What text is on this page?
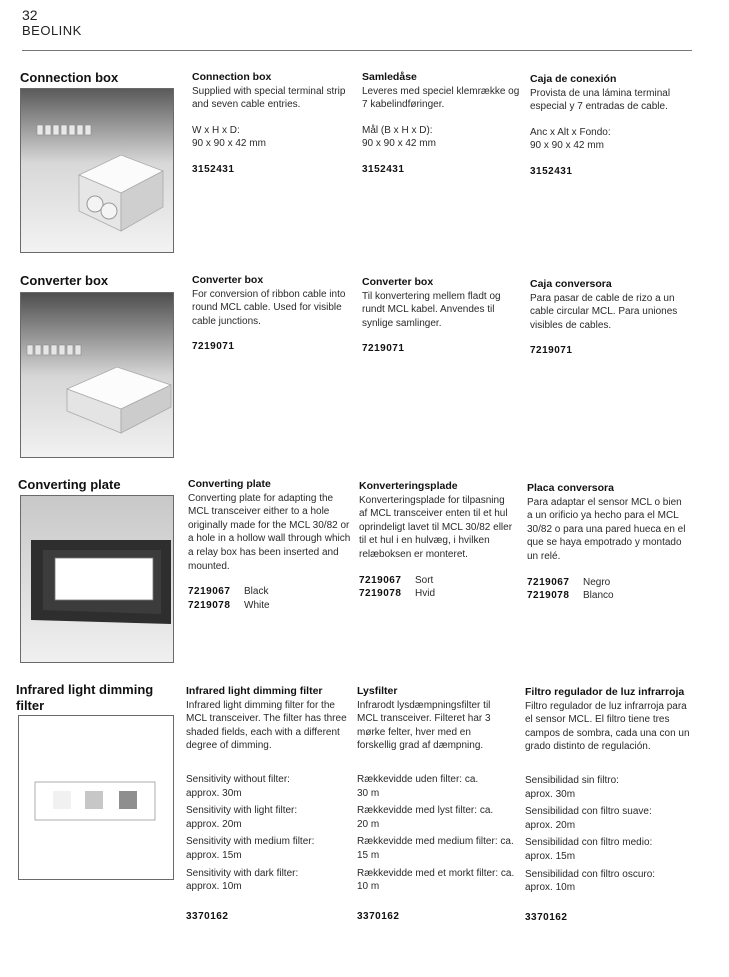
32
BEOLINK
Connection box	Connection box
Supplied with special terminal strip and seven cable entries.
W x H x D:
90 x 90 x 42 mm
3152431
Samledåse
Leveres med speciel klemrække og 7 kabelindføringer.
Mål (B x H x D):
90 x 90 x 42 mm
3152431
Caja de conexión
Provista de una lámina terminal especial y 7 entradas de cable.
Anc x Alt x Fondo:
90 x 90 x 42 mm
3152431
Converter box	Converter box
For conversion of ribbon cable into round MCL cable. Used for visible cable junctions.
7219071
Converter box
Til konvertering mellem fladt og rundt MCL kabel. Anvendes til synlige samlinger.
7219071
Caja conversora
Para pasar de cable de rizo a un cable circular MCL. Para uniones visibles de cables.
7219071
Converting plate	Converting plate
Converting plate for adapting the MCL transceiver either to a hole originally made for the MCL 30/82 or a hole in a hollow wall through which a relay box has been inserted and mounted.
7219067 Black
7219078 White
Konverteringsplade
Konverteringsplade for tilpasning af MCL transceiver enten til et hul oprindeligt lavet til MCL 30/82 eller til et hul i en hulvæg, i hvilken relæboksen er monteret.
7219067 Sort
7219078 Hvid
Placa conversora
Para adaptar el sensor MCL o bien a un orificio ya hecho para el MCL 30/82 o para una pared hueca en el que se haya empotrado y montado un relé.
7219067 Negro
7219078 Blanco
Infrared light dimming filter
Infrared light dimming filter
Infrared light dimming filter for the MCL transceiver. The filter has three shaded fields, each with a different degree of dimming.
Sensitivity without filter: approx. 30m
Sensitivity with light filter: approx. 20m
Sensitivity with medium filter: approx. 15m
Sensitivity with dark filter: approx. 10m
3370162
Lysfilter
Infrarodt lysdæmpningsfilter til MCL transceiver. Filteret har 3 mørke felter, hver med en forskellig grad af dæmpning.
Rækkevidde uden filter: ca. 30 m
Rækkevidde med lyst filter: ca. 20 m
Rækkevidde med medium filter: ca. 15 m
Rækkevidde med et morkt filter: ca. 10 m
3370162
Filtro regulador de luz infrarroja
Filtro regulador de luz infrarroja para el sensor MCL. El filtro tiene tres campos de sombra, cada una con un grado distinto de regulación.
Sensibilidad sin filtro: aprox. 30m
Sensibilidad con filtro suave: aprox. 20m
Sensibilidad con filtro medio: aprox. 15m
Sensibilidad con filtro oscuro: aprox. 10m
3370162
